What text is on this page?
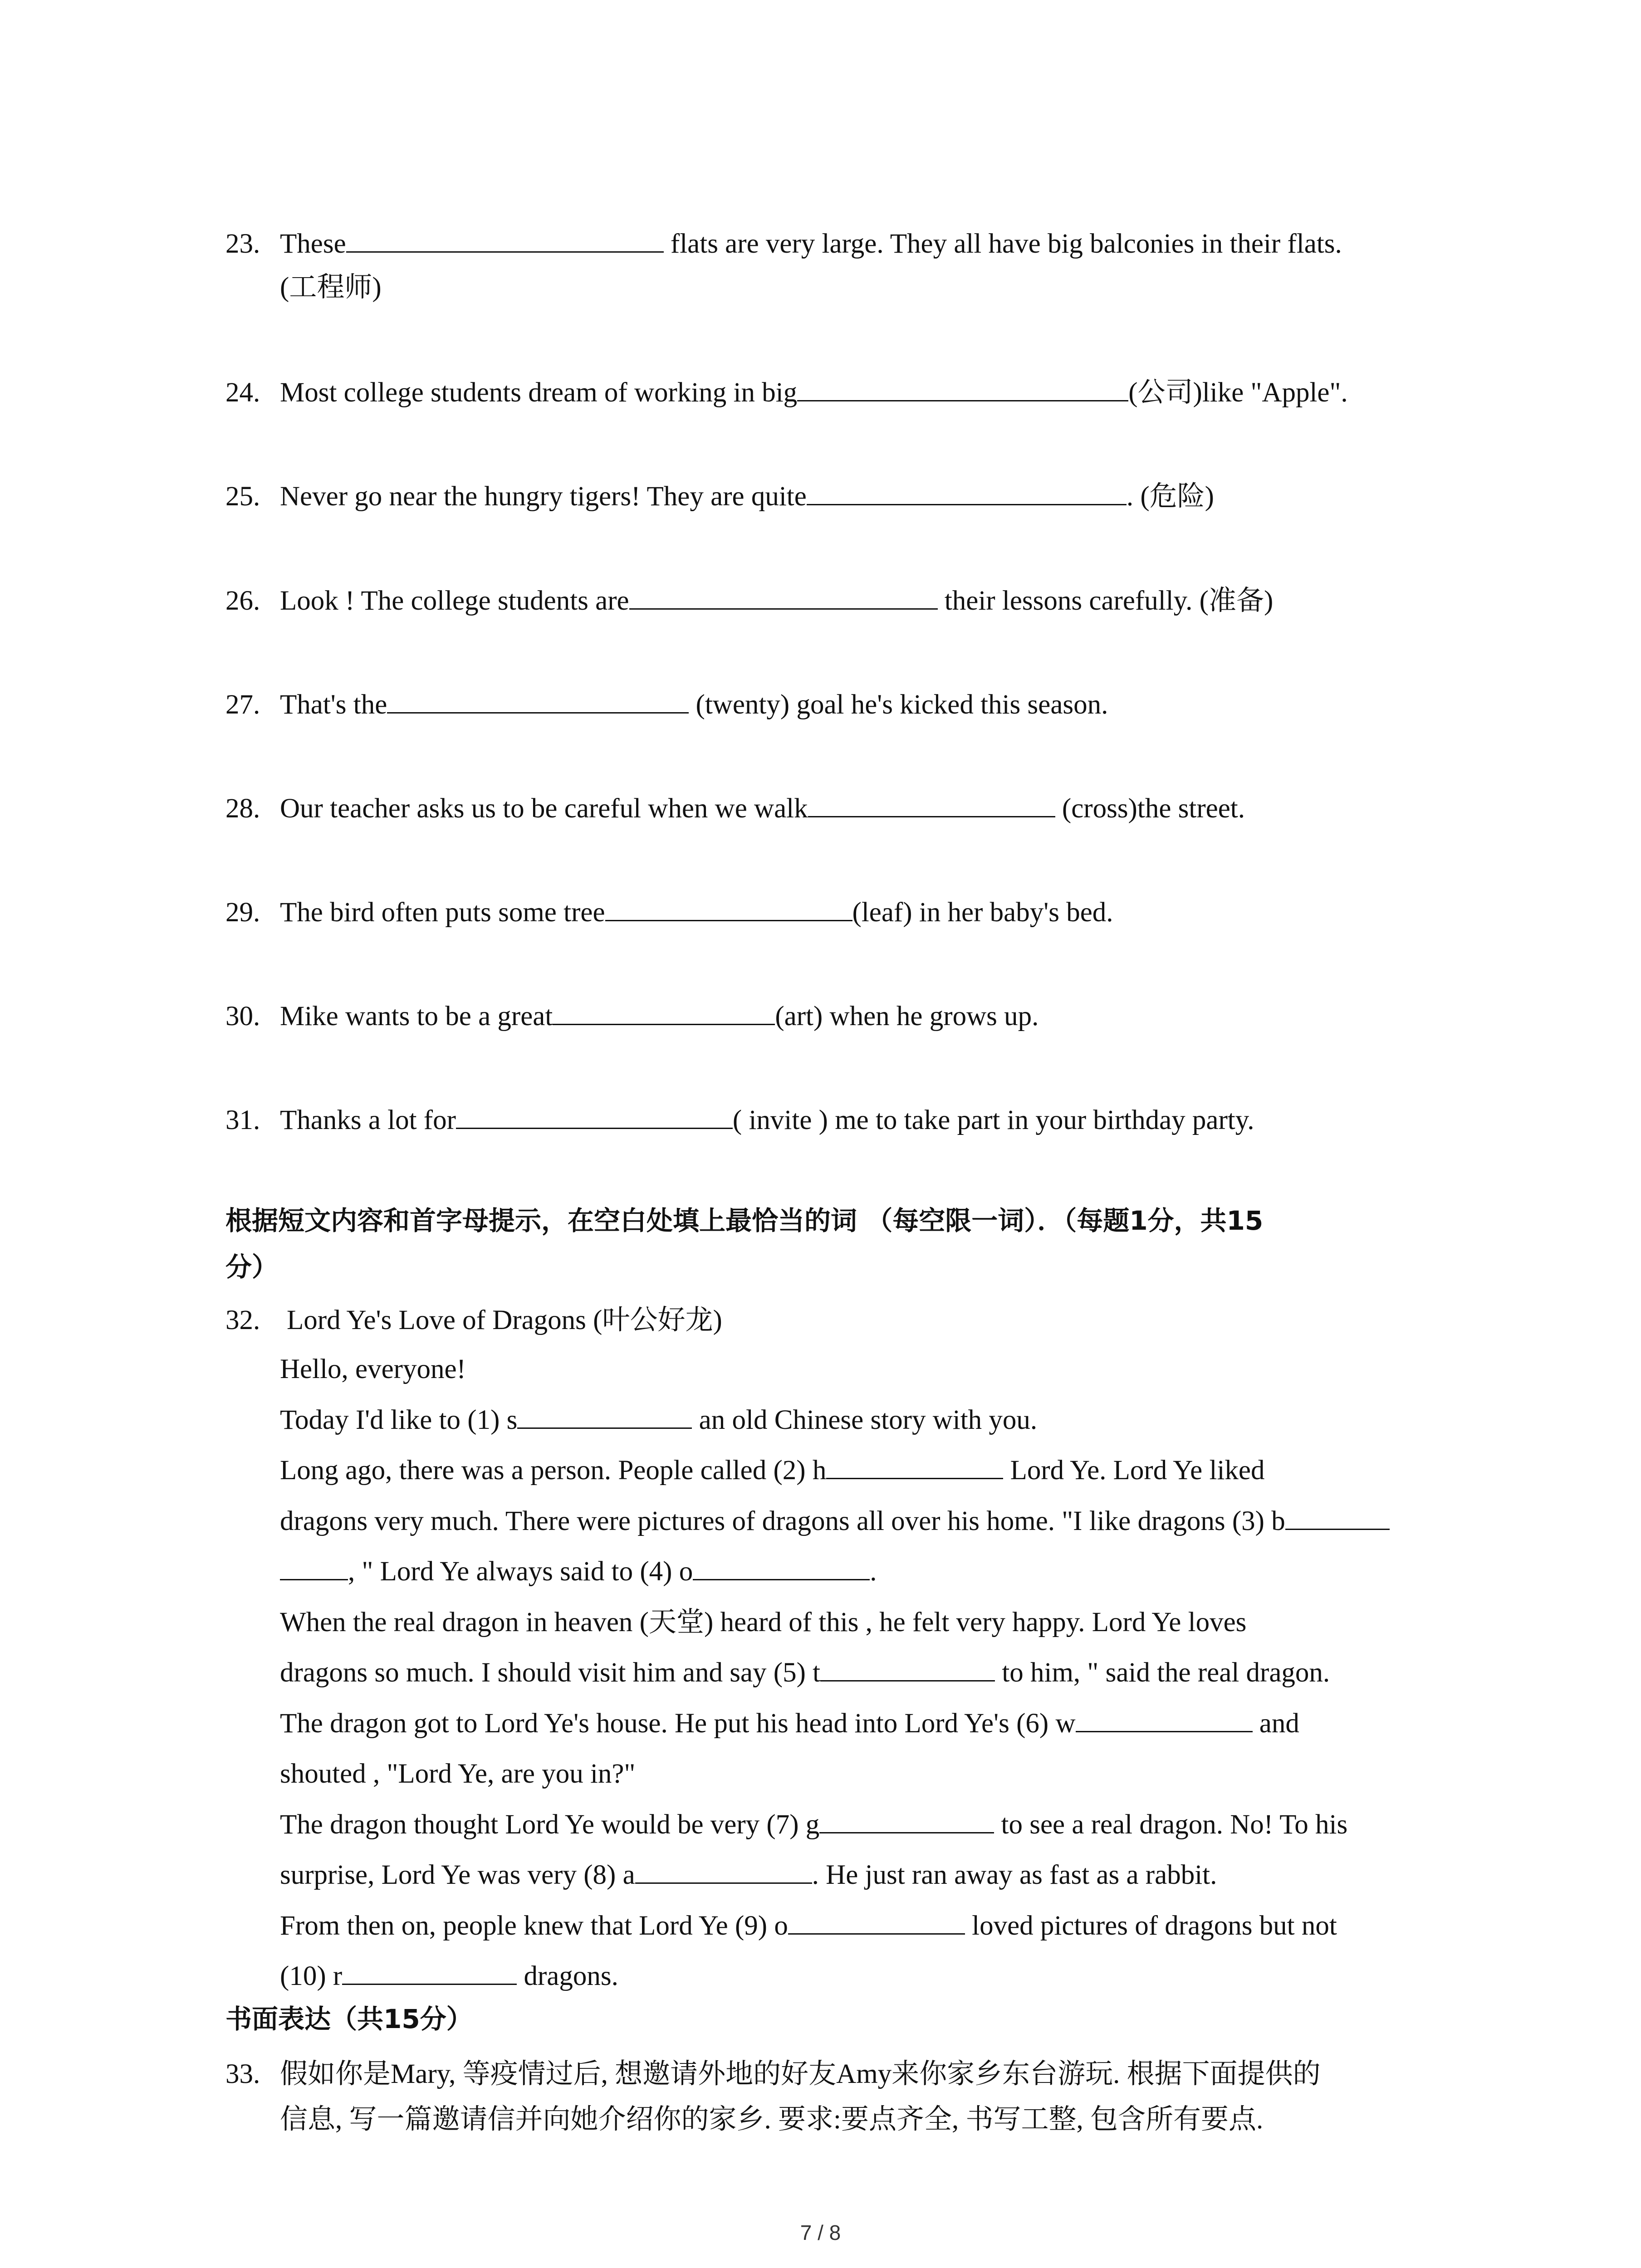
23. These	flats are very large. They all have big balconies in their flats.
(工程师)
24. Most college students dream of working in big	(公司)like "Apple".
25. Never go near the hungry tigers! They are quite	. (危险)
26. Look ! The college students are	their lessons carefully. (准备)
27. That's the	(twenty) goal he's kicked this season.
28. Our teacher asks us to be careful when we walk	(cross)the street.
29. The bird often puts some tree	(leaf) in her baby's bed.
30. Mike wants to be a great	(art) when he grows up.
31. Thanks a lot for	( invite ) me to take part in your birthday party.
根据短文内容和首字母提示，在空白处填上最恰当的词 （每空限一词）．（每题1分，共15
分）
32. Lord Ye's Love of Dragons (叶公好龙)
Hello, everyone!
Today I'd like to (1) s	an old Chinese story with you.
Long ago, there was a person. People called (2) h	Lord Ye. Lord Ye liked
dragons very much. There were pictures of dragons all over his home. "I like dragons (3) b
, " Lord Ye always said to (4) o	.
When the real dragon in heaven (天堂) heard of this , he felt very happy. Lord Ye loves
dragons so much. I should visit him and say (5) t	to him, " said the real dragon.
The dragon got to Lord Ye's house. He put his head into Lord Ye's (6) w	and
shouted , "Lord Ye, are you in?"
The dragon thought Lord Ye would be very (7) g	to see a real dragon. No! To his
surprise, Lord Ye was very (8) a	. He just ran away as fast as a rabbit.
From then on, people knew that Lord Ye (9) o	loved pictures of dragons but not
(10) r	dragons.
书面表达（共15分）
33. 假如你是Mary, 等疫情过后, 想邀请外地的好友Amy来你家乡东台游玩. 根据下面提供的
信息, 写一篇邀请信并向她介绍你的家乡. 要求:要点齐全, 书写工整, 包含所有要点.
7 / 8
